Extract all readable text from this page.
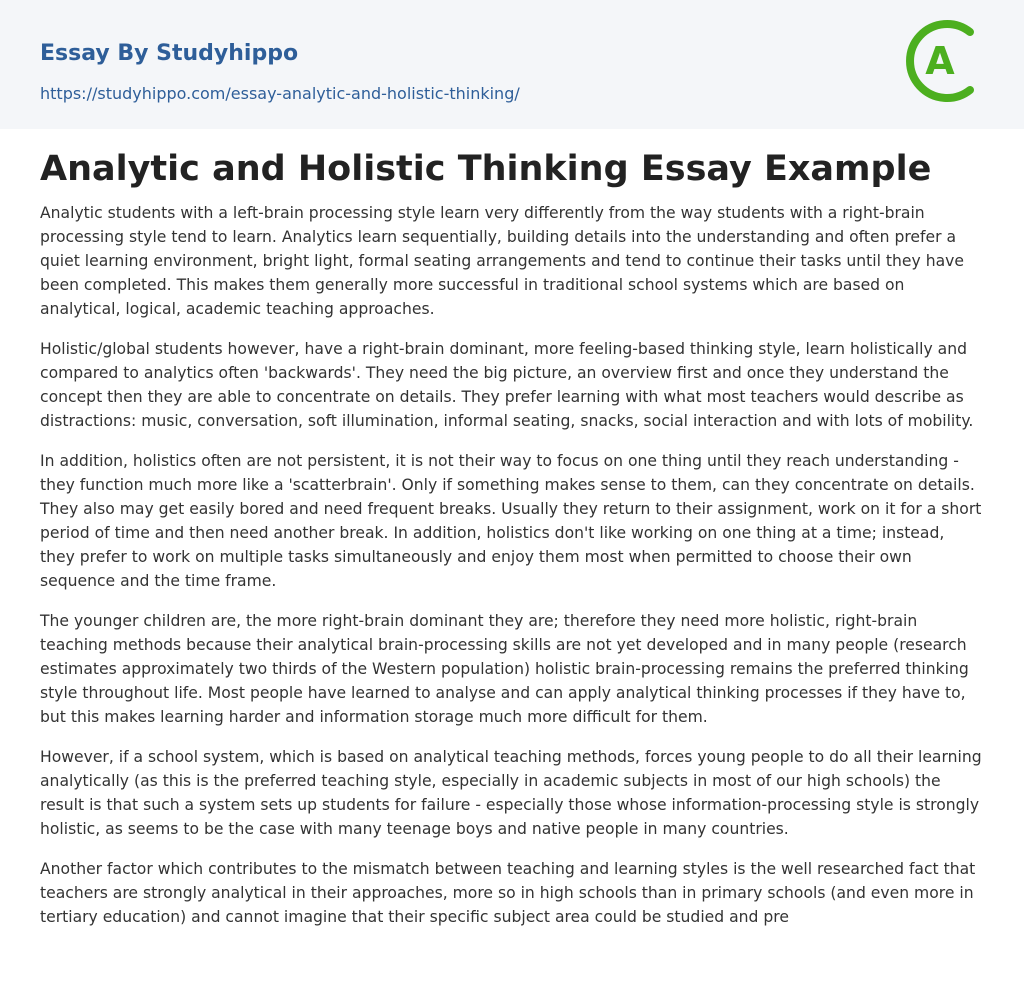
Essay By Studyhippo
https://studyhippo.com/essay-analytic-and-holistic-thinking/
A
Analytic and Holistic Thinking Essay Example

Analytic students with a left-brain processing style learn very differently from the way students with a right-brain processing style tend to learn. Analytics learn sequentially, building details into the understanding and often prefer a quiet learning environment, bright light, formal seating arrangements and tend to continue their tasks until they have been completed. This makes them generally more successful in traditional school systems which are based on analytical, logical, academic teaching approaches.

Holistic/global students however, have a right-brain dominant, more feeling-based thinking style, learn holistically and compared to analytics often 'backwards'. They need the big picture, an overview first and once they understand the concept then they are able to concentrate on details. They prefer learning with what most teachers would describe as distractions: music, conversation, soft illumination, informal seating, snacks, social interaction and with lots of mobility.

In addition, holistics often are not persistent, it is not their way to focus on one thing until they reach understanding - they function much more like a 'scatterbrain'. Only if something makes sense to them, can they concentrate on details. They also may get easily bored and need frequent breaks. Usually they return to their assignment, work on it for a short period of time and then need another break. In addition, holistics don't like working on one thing at a time; instead, they prefer to work on multiple tasks simultaneously and enjoy them most when permitted to choose their own sequence and the time frame.

The younger children are, the more right-brain dominant they are; therefore they need more holistic, right-brain teaching methods because their analytical brain-processing skills are not yet developed and in many people (research estimates approximately two thirds of the Western population) holistic brain-processing remains the preferred thinking style throughout life. Most people have learned to analyse and can apply analytical thinking processes if they have to, but this makes learning harder and information storage much more difficult for them.

However, if a school system, which is based on analytical teaching methods, forces young people to do all their learning analytically (as this is the preferred teaching style, especially in academic subjects in most of our high schools) the result is that such a system sets up students for failure - especially those whose information-processing style is strongly holistic, as seems to be the case with many teenage boys and native people in many countries.

Another factor which contributes to the mismatch between teaching and learning styles is the well researched fact that teachers are strongly analytical in their approaches, more so in high schools than in primary schools (and even more in tertiary education) and cannot imagine that their specific subject area could be studied and pre
